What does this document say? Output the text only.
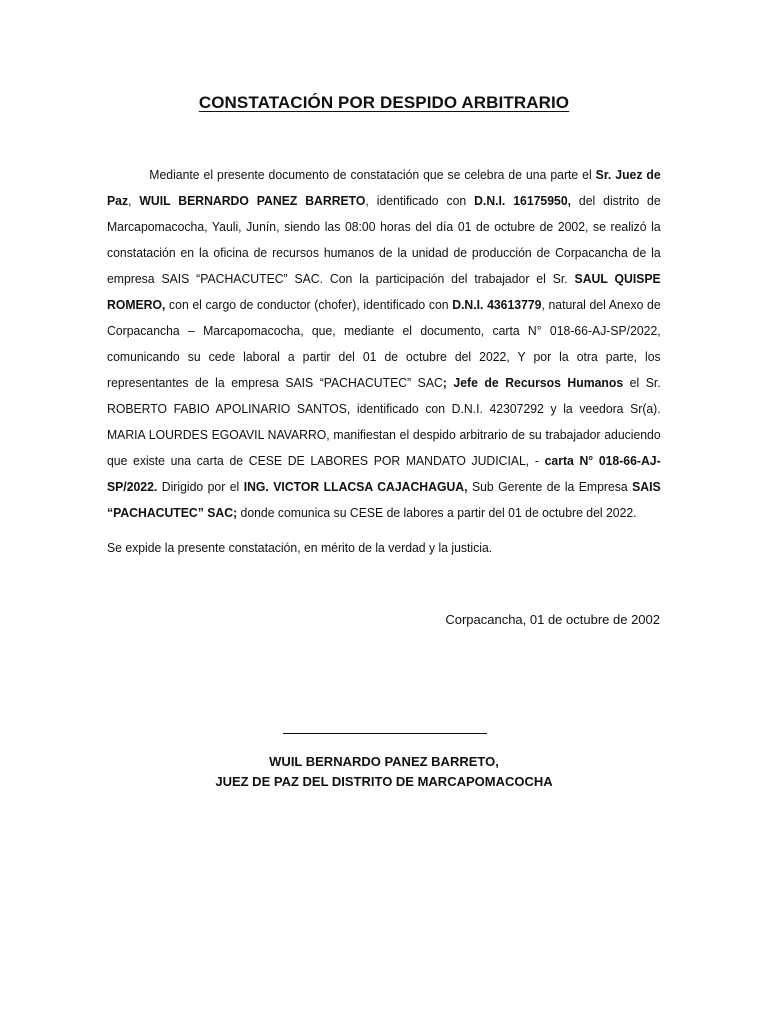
CONSTATACIÓN POR DESPIDO ARBITRARIO

Mediante el presente documento de constatación que se celebra de una parte el Sr. Juez de Paz, WUIL BERNARDO PANEZ BARRETO, identificado con D.N.I. 16175950, del distrito de Marcapomacocha, Yauli, Junín, siendo las 08:00 horas del día 01 de octubre de 2002, se realizó la constatación en la oficina de recursos humanos de la unidad de producción de Corpacancha de la empresa SAIS “PACHACUTEC” SAC. Con la participación del trabajador el Sr. SAUL QUISPE ROMERO, con el cargo de conductor (chofer), identificado con D.N.I. 43613779, natural del Anexo de Corpacancha – Marcapomacocha, que, mediante el documento, carta N° 018-66-AJ-SP/2022, comunicando su cede laboral a partir del 01 de octubre del 2022, Y por la otra parte, los representantes de la empresa SAIS “PACHACUTEC” SAC; Jefe de Recursos Humanos el Sr. ROBERTO FABIO APOLINARIO SANTOS, identificado con D.N.I. 42307292 y la veedora Sr(a). MARIA LOURDES EGOAVIL NAVARRO, manifiestan el despido arbitrario de su trabajador aduciendo que existe una carta de CESE DE LABORES POR MANDATO JUDICIAL, - carta N° 018-66-AJ-SP/2022. Dirigido por el ING. VICTOR LLACSA CAJACHAGUA, Sub Gerente de la Empresa SAIS “PACHACUTEC” SAC; donde comunica su CESE de labores a partir del 01 de octubre del 2022.

Se expide la presente constatación, en mérito de la verdad y la justicia.

Corpacancha, 01 de octubre de 2002

WUIL BERNARDO PANEZ BARRETO,
JUEZ DE PAZ DEL DISTRITO DE MARCAPOMACOCHA
